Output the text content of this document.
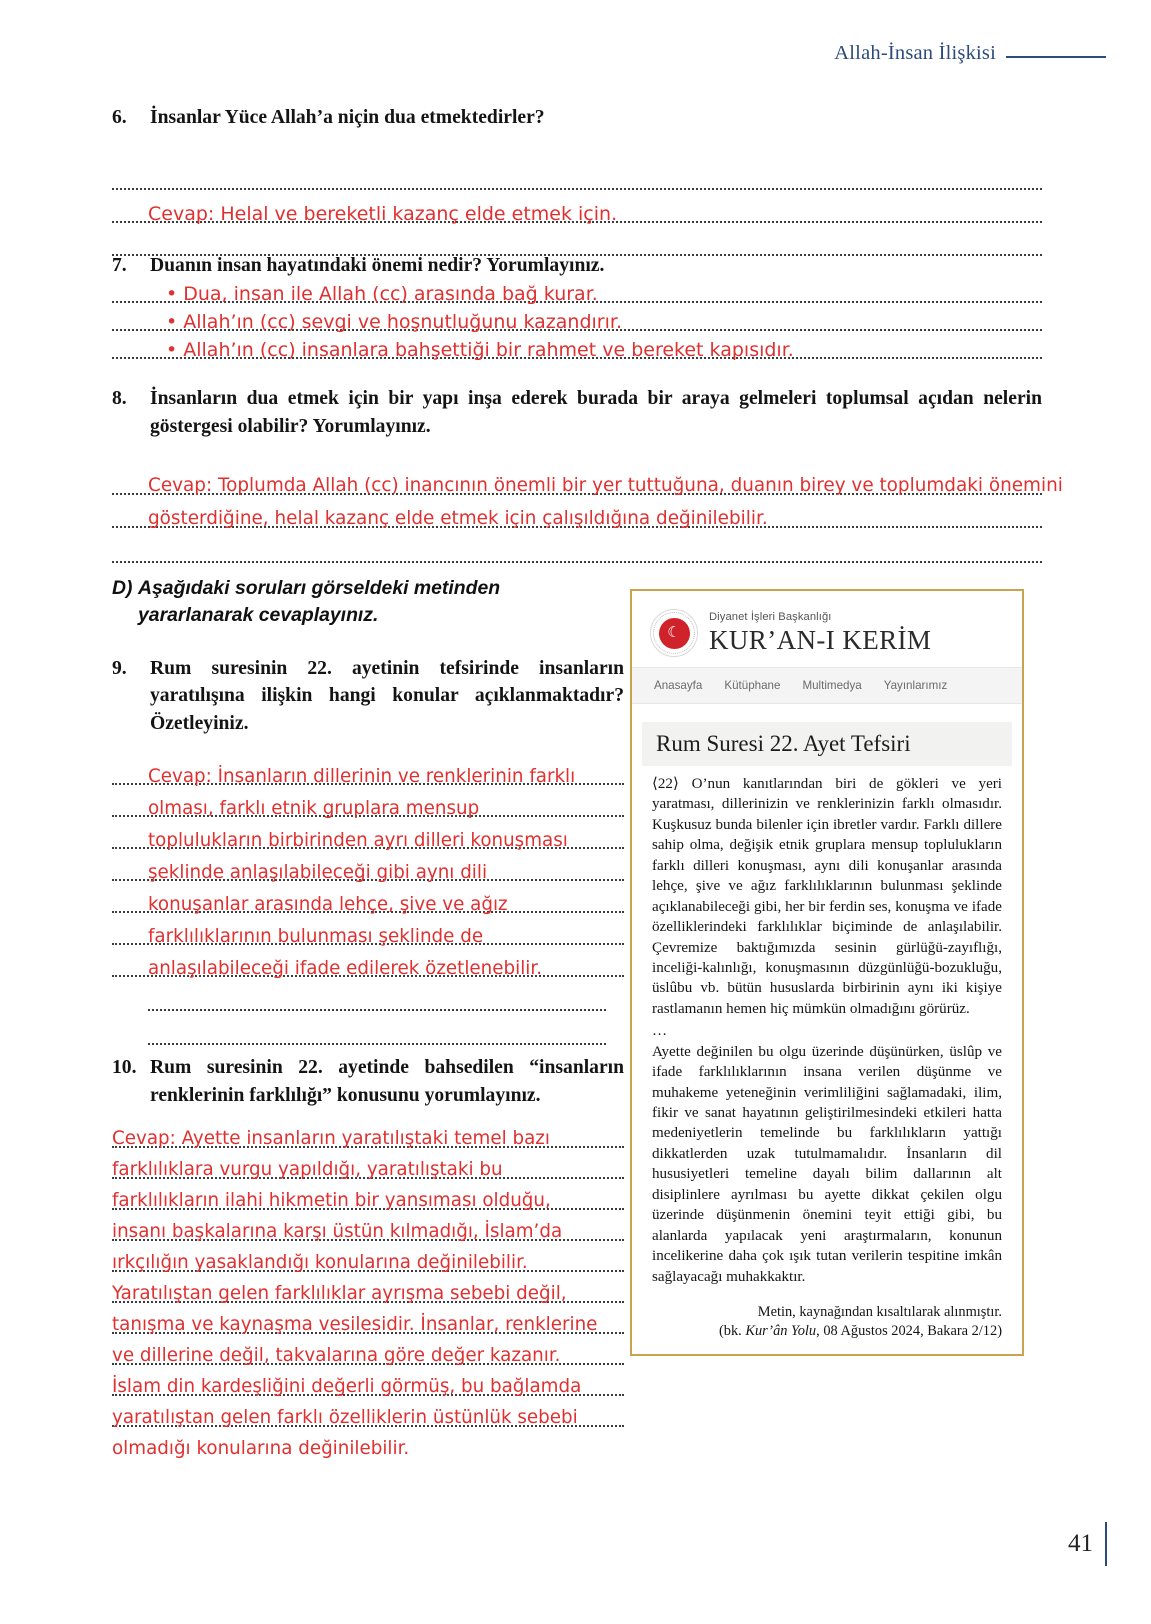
Allah-İnsan İlişkisi
6.	İnsanlar Yüce Allah’a niçin dua etmektedirler?
Cevap: Helal ve bereketli kazanç elde etmek için.
7.	Duanın insan hayatındaki önemi nedir? Yorumlayınız.
• Dua, insan ile Allah (cc) arasında bağ kurar.
• Allah’ın (cc) sevgi ve hoşnutluğunu kazandırır.
• Allah’ın (cc) insanlara bahşettiği bir rahmet ve bereket kapısıdır.
8.	İnsanların dua etmek için bir yapı inşa ederek burada bir araya gelmeleri toplumsal açıdan nelerin göstergesi olabilir? Yorumlayınız.
Cevap: Toplumda Allah (cc) inancının önemli bir yer tuttuğuna, duanın birey ve toplumdaki önemini
gösterdiğine, helal kazanç elde etmek için çalışıldığına değinilebilir.
D) Aşağıdaki soruları görseldeki metinden yararlanarak cevaplayınız.
9.	Rum suresinin 22. ayetinin tefsirinde insanların yaratılışına ilişkin hangi konular açıklanmaktadır? Özetleyiniz.
Cevap: İnsanların dillerinin ve renklerinin farklı
olması, farklı etnik gruplara mensup
toplulukların birbirinden ayrı dilleri konuşması
şeklinde anlaşılabileceği gibi aynı dili
konuşanlar arasında lehçe, şive ve ağız
farklılıklarının bulunması şeklinde de
anlaşılabileceği ifade edilerek özetlenebilir.
10. Rum suresinin 22. ayetinde bahsedilen “insanların renklerinin farklılığı” konusunu yorumlayınız.
Cevap: Ayette insanların yaratılıştaki temel bazı
farklılıklara vurgu yapıldığı, yaratılıştaki bu
farklılıkların ilahi hikmetin bir yansıması olduğu,
insanı başkalarına karşı üstün kılmadığı, İslam’da
ırkçılığın yasaklandığı konularına değinilebilir.
Yaratılıştan gelen farklılıklar ayrışma sebebi değil,
tanışma ve kaynaşma vesilesidir. İnsanlar, renklerine
ve dillerine değil, takvalarına göre değer kazanır.
İslam din kardeşliğini değerli görmüş, bu bağlamda
yaratılıştan gelen farklı özelliklerin üstünlük sebebi
olmadığı konularına değinilebilir.
☾
Diyanet İşleri Başkanlığı
KUR’AN-I KERİM
Anasayfa Kütüphane Multimedya Yayınlarımız
Rum Suresi 22. Ayet Tefsiri

⟨22⟩ O’nun kanıtlarından biri de gökleri ve yeri yaratması, dillerinizin ve renklerinizin farklı olmasıdır. Kuşkusuz bunda bilenler için ibretler vardır. Farklı dillere sahip olma, değişik etnik gruplara mensup toplulukların farklı dilleri konuşması, aynı dili konuşanlar arasında lehçe, şive ve ağız farklılıklarının bulunması şeklinde açıklanabileceği gibi, her bir ferdin ses, konuşma ve ifade özelliklerindeki farklılıklar biçiminde de anlaşılabilir. Çevremize baktığımızda sesinin gürlüğü-zayıflığı, inceliği-kalınlığı, konuşmasının düzgünlüğü-bozukluğu, üslûbu vb. bütün hususlarda birbirinin aynı iki kişiye rastlamanın hemen hiç mümkün olmadığını görürüz.

…

Ayette değinilen bu olgu üzerinde düşünürken, üslûp ve ifade farklılıklarının insana verilen düşünme ve muhakeme yeteneğinin verimliliğini sağlamadaki, ilim, fikir ve sanat hayatının geliştirilmesindeki etkileri hatta medeniyetlerin temelinde bu farklılıkların yattığı dikkatlerden uzak tutulmamalıdır. İnsanların dil hususiyetleri temeline dayalı bilim dallarının alt disiplinlere ayrılması bu ayette dikkat çekilen olgu üzerinde düşünmenin önemini teyit ettiği gibi, bu alanlarda yapılacak yeni araştırmaların, konunun incelikerine daha çok ışık tutan verilerin tespitine imkân sağlayacağı muhakkaktır.

Metin, kaynağından kısaltılarak alınmıştır.
(bk. Kur’ân Yolu, 08 Ağustos 2024, Bakara 2/12)
41
